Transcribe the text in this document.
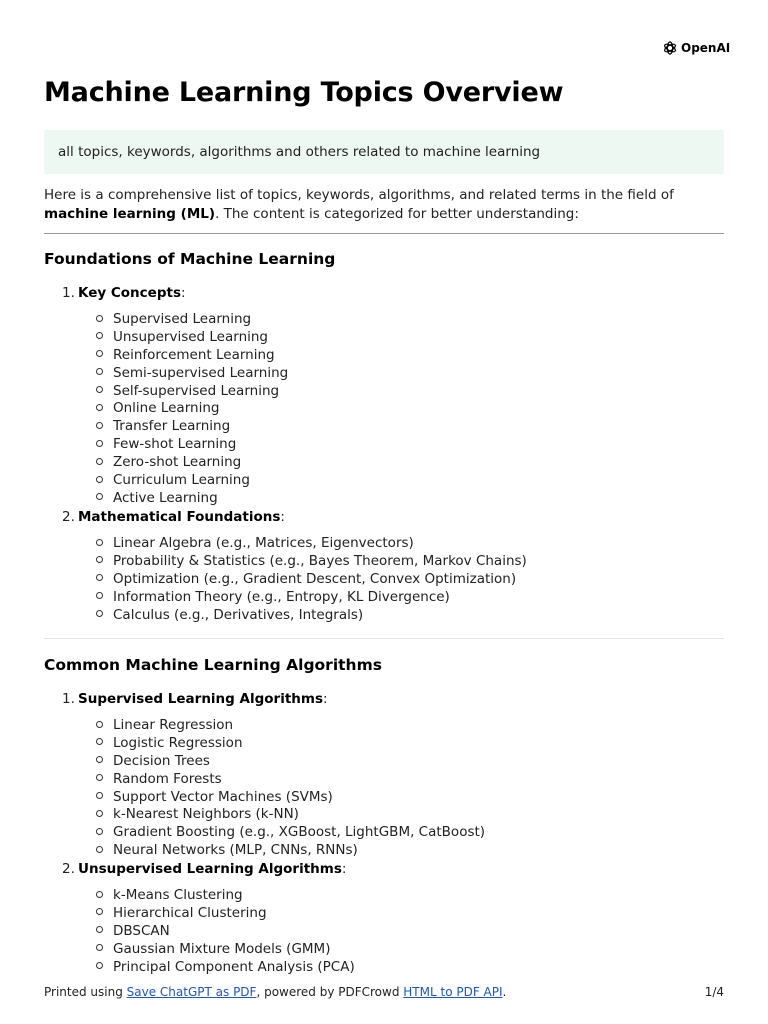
OpenAI
Machine Learning Topics Overview
all topics, keywords, algorithms and others related to machine learning

Here is a comprehensive list of topics, keywords, algorithms, and related terms in the field of machine learning (ML). The content is categorized for better understanding:

Foundations of Machine Learning
1. Key Concepts:
Supervised Learning
Unsupervised Learning
Reinforcement Learning
Semi-supervised Learning
Self-supervised Learning
Online Learning
Transfer Learning
Few-shot Learning
Zero-shot Learning
Curriculum Learning
Active Learning
2. Mathematical Foundations:
Linear Algebra (e.g., Matrices, Eigenvectors)
Probability & Statistics (e.g., Bayes Theorem, Markov Chains)
Optimization (e.g., Gradient Descent, Convex Optimization)
Information Theory (e.g., Entropy, KL Divergence)
Calculus (e.g., Derivatives, Integrals)
Common Machine Learning Algorithms
1. Supervised Learning Algorithms:
Linear Regression
Logistic Regression
Decision Trees
Random Forests
Support Vector Machines (SVMs)
k-Nearest Neighbors (k-NN)
Gradient Boosting (e.g., XGBoost, LightGBM, CatBoost)
Neural Networks (MLP, CNNs, RNNs)
2. Unsupervised Learning Algorithms:
k-Means Clustering
Hierarchical Clustering
DBSCAN
Gaussian Mixture Models (GMM)
Principal Component Analysis (PCA)
Printed using Save ChatGPT as PDF, powered by PDFCrowd HTML to PDF API.	1/4
